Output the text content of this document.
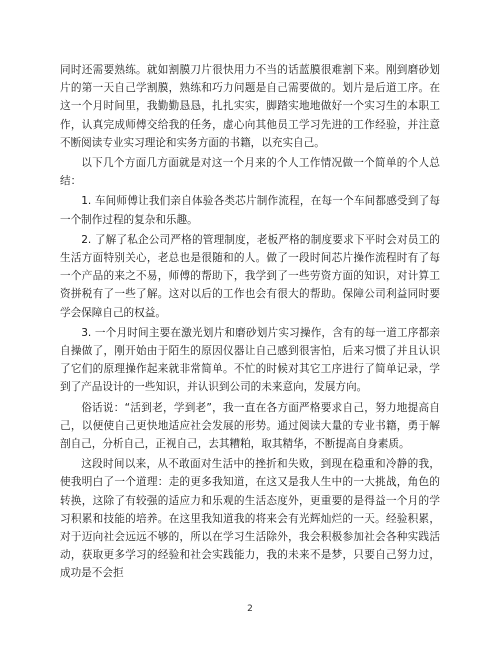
同时还需要熟练。就如割膜刀片很快用力不当的话蓝膜很难割下来。刚到磨砂划片的第一天自己学割膜，熟练和巧力问题是自己需要做的。划片是后道工序。在这一个月时间里，我勤勤恳恳，扎扎实实，脚踏实地地做好一个实习生的本职工作，认真完成师傅交给我的任务，虚心向其他员工学习先进的工作经验，并注意不断阅读专业实习理论和实务方面的书籍，以充实自己。

以下几个方面几方面就是对这一个月来的个人工作情况做一个简单的个人总结：

1. 车间师傅让我们亲自体验各类芯片制作流程，在每一个车间都感受到了每一个制作过程的复杂和乐趣。

2. 了解了私企公司严格的管理制度，老板严格的制度要求下平时会对员工的生活方面特别关心，老总也是很随和的人。做了一段时间芯片操作流程时有了每一个产品的来之不易，师傅的帮助下，我学到了一些劳资方面的知识，对计算工资拼税有了一些了解。这对以后的工作也会有很大的帮助。保障公司利益同时要学会保障自己的权益。

3. 一个月时间主要在激光划片和磨砂划片实习操作，含有的每一道工序都亲自操做了，刚开始由于陌生的原因仪器让自己感到很害怕，后来习惯了并且认识了它们的原理操作起来就非常简单。不忙的时候对其它工序进行了简单记录，学到了产品设计的一些知识，并认识到公司的未来意向，发展方向。

俗话说：“活到老，学到老”，我一直在各方面严格要求自己，努力地提高自己，以便使自己更快地适应社会发展的形势。通过阅读大量的专业书籍，勇于解剖自己，分析自己，正视自己，去其糟粕，取其精华，不断提高自身素质。

这段时间以来，从不敢面对生活中的挫折和失败，到现在稳重和冷静的我，使我明白了一个道理：走的更多我知道，在这又是我人生中的一大挑战，角色的转换，这除了有较强的适应力和乐观的生活态度外，更重要的是得益一个月的学习积累和技能的培养。在这里我知道我的将来会有光辉灿烂的一天。经验积累，对于迈向社会远远不够的，所以在学习生活除外，我会积极参加社会各种实践活动，获取更多学习的经验和社会实践能力，我的未来不是梦，只要自己努力过，成功是不会拒

2
